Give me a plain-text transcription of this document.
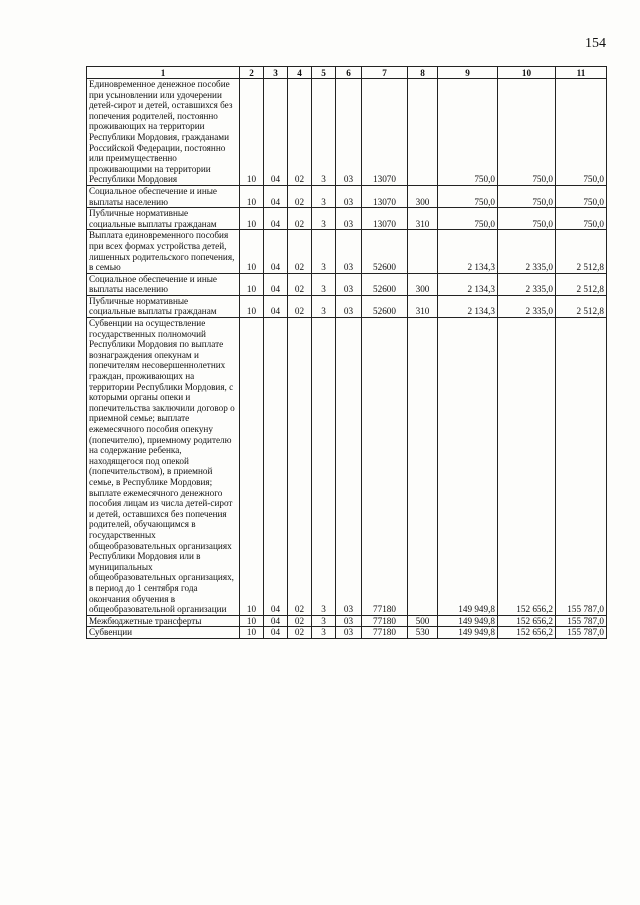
154
1	2	3	4	5	6	7	8	9	10	11
Единовременное денежное пособие при усыновлении или удочерении детей-сирот и детей, оставшихся без попечения родителей, постоянно проживающих на территории Республики Мордовия, гражданами Российской Федерации, постоянно или преимущественно проживающими на территории Республики Мордовия	10	04	02	3	03	13070		750,0	750,0	750,0
Социальное обеспечение и иные выплаты населению	10	04	02	3	03	13070	300	750,0	750,0	750,0
Публичные нормативные социальные выплаты гражданам	10	04	02	3	03	13070	310	750,0	750,0	750,0
Выплата единовременного пособия при всех формах устройства детей, лишенных родительского попечения, в семью	10	04	02	3	03	52600		2 134,3	2 335,0	2 512,8
Социальное обеспечение и иные выплаты населению	10	04	02	3	03	52600	300	2 134,3	2 335,0	2 512,8
Публичные нормативные социальные выплаты гражданам	10	04	02	3	03	52600	310	2 134,3	2 335,0	2 512,8
Субвенции на осуществление государственных полномочий Республики Мордовия по выплате вознаграждения опекунам и попечителям несовершеннолетних граждан, проживающих на территории Республики Мордовия, с которыми органы опеки и попечительства заключили договор о приемной семье; выплате ежемесячного пособия опекуну (попечителю), приемному родителю на содержание ребенка, находящегося под опекой (попечительством), в приемной семье, в Республике Мордовия; выплате ежемесячного денежного пособия лицам из числа детей-сирот и детей, оставшихся без попечения родителей, обучающимся в государственных общеобразовательных организациях Республики Мордовия или в муниципальных общеобразовательных организациях, в период до 1 сентября года окончания обучения в общеобразовательной организации	10	04	02	3	03	77180		149 949,8	152 656,2	155 787,0
Межбюджетные трансферты	10	04	02	3	03	77180	500	149 949,8	152 656,2	155 787,0
Субвенции	10	04	02	3	03	77180	530	149 949,8	152 656,2	155 787,0
